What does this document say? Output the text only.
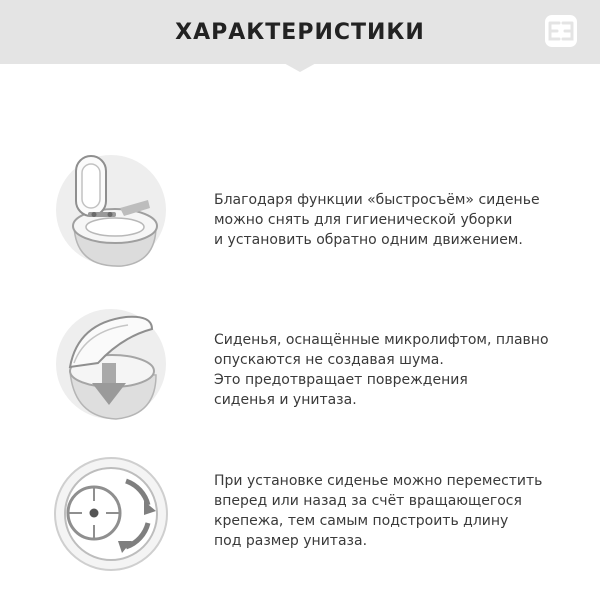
ХАРАКТЕРИСТИКИ
Благодаря функции «быстросъём» сиденье
можно снять для гигиенической уборки
и установить обратно одним движением.
Сиденья, оснащённые микролифтом, плавно
опускаются не создавая шума.
Это предотвращает повреждения
сиденья и унитаза.
При установке сиденье можно переместить
вперед или назад за счёт вращающегося
крепежа, тем самым подстроить длину
под размер унитаза.
